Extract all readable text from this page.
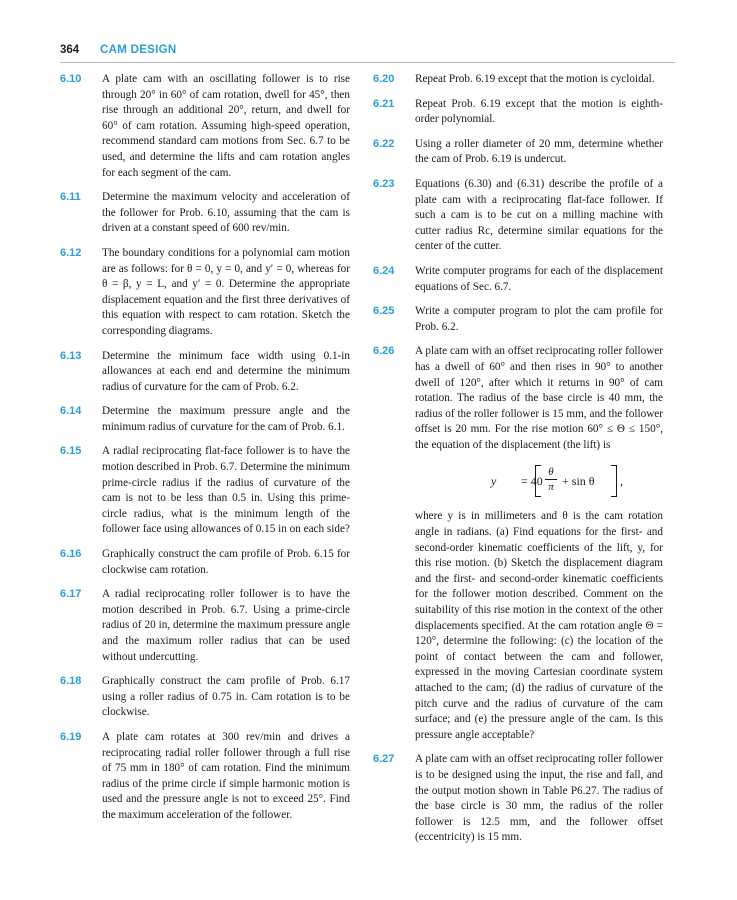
364 CAM DESIGN
6.10 A plate cam with an oscillating follower is to rise through 20° in 60° of cam rotation, dwell for 45°, then rise through an additional 20°, return, and dwell for 60° of cam rotation. Assuming high-speed operation, recommend standard cam motions from Sec. 6.7 to be used, and determine the lifts and cam rotation angles for each segment of the cam.
6.11 Determine the maximum velocity and acceleration of the follower for Prob. 6.10, assuming that the cam is driven at a constant speed of 600 rev/min.
6.12 The boundary conditions for a polynomial cam motion are as follows: for θ = 0, y = 0, and y′ = 0, whereas for θ = β, y = L, and y′ = 0. Determine the appropriate displacement equation and the first three derivatives of this equation with respect to cam rotation. Sketch the corresponding diagrams.
6.13 Determine the minimum face width using 0.1-in allowances at each end and determine the minimum radius of curvature for the cam of Prob. 6.2.
6.14 Determine the maximum pressure angle and the minimum radius of curvature for the cam of Prob. 6.1.
6.15 A radial reciprocating flat-face follower is to have the motion described in Prob. 6.7. Determine the minimum prime-circle radius if the radius of curvature of the cam is not to be less than 0.5 in. Using this prime-circle radius, what is the minimum length of the follower face using allowances of 0.15 in on each side?
6.16 Graphically construct the cam profile of Prob. 6.15 for clockwise cam rotation.
6.17 A radial reciprocating roller follower is to have the motion described in Prob. 6.7. Using a prime-circle radius of 20 in, determine the maximum pressure angle and the maximum roller radius that can be used without undercutting.
6.18 Graphically construct the cam profile of Prob. 6.17 using a roller radius of 0.75 in. Cam rotation is to be clockwise.
6.19 A plate cam rotates at 300 rev/min and drives a reciprocating radial roller follower through a full rise of 75 mm in 180° of cam rotation. Find the minimum radius of the prime circle if simple harmonic motion is used and the pressure angle is not to exceed 25°. Find the maximum acceleration of the follower.
6.20 Repeat Prob. 6.19 except that the motion is cycloidal.
6.21 Repeat Prob. 6.19 except that the motion is eighth-order polynomial.
6.22 Using a roller diameter of 20 mm, determine whether the cam of Prob. 6.19 is undercut.
6.23 Equations (6.30) and (6.31) describe the profile of a plate cam with a reciprocating flat-face follower. If such a cam is to be cut on a milling machine with cutter radius Rc, determine similar equations for the center of the cutter.
6.24 Write computer programs for each of the displacement equations of Sec. 6.7.
6.25 Write a computer program to plot the cam profile for Prob. 6.2.
6.26 A plate cam with an offset reciprocating roller follower has a dwell of 60° and then rises in 90° to another dwell of 120°, after which it returns in 90° of cam rotation. The radius of the base circle is 40 mm, the radius of the roller follower is 15 mm, and the follower offset is 20 mm. For the rise motion 60° ≤ Θ ≤ 150°, the equation of the displacement (the lift) is
$y = 40 \frac{\theta}{\pi} + \sin \theta$ ,
where y is in millimeters and θ is the cam rotation angle in radians. (a) Find equations for the first- and second-order kinematic coefficients of the lift, y, for this rise motion. (b) Sketch the displacement diagram and the first- and second-order kinematic coefficients for the follower motion described. Comment on the suitability of this rise motion in the context of the other displacements specified. At the cam rotation angle Θ = 120°, determine the following: (c) the location of the point of contact between the cam and follower, expressed in the moving Cartesian coordinate system attached to the cam; (d) the radius of curvature of the pitch curve and the radius of curvature of the cam surface; and (e) the pressure angle of the cam. Is this pressure angle acceptable?
6.27 A plate cam with an offset reciprocating roller follower is to be designed using the input, the rise and fall, and the output motion shown in Table P6.27. The radius of the base circle is 30 mm, the radius of the roller follower is 12.5 mm, and the follower offset (eccentricity) is 15 mm.
